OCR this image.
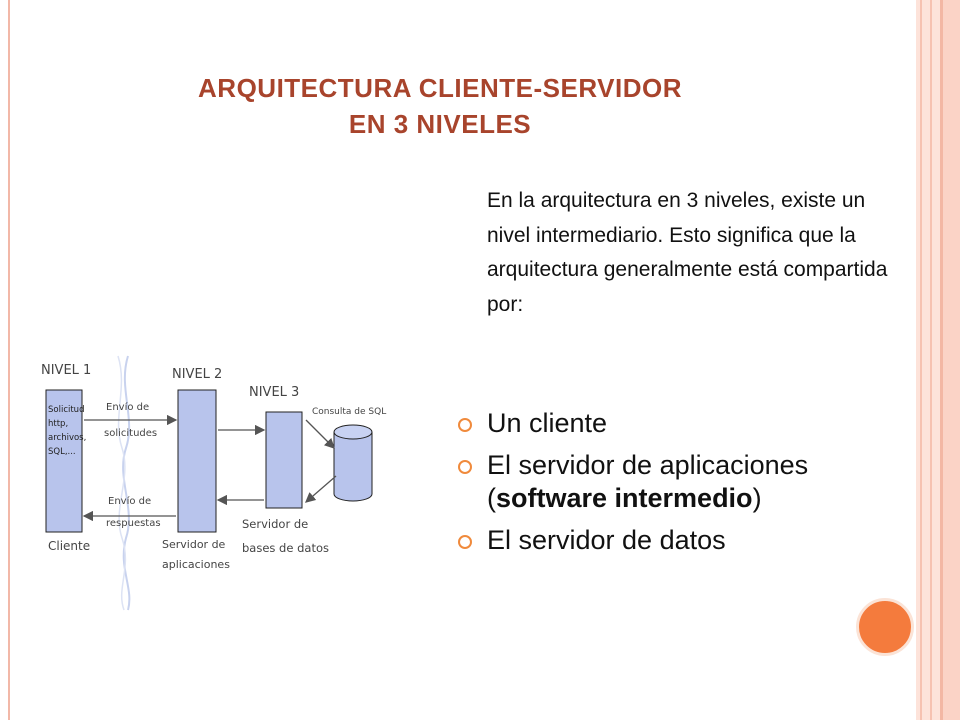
ARQUITECTURA CLIENTE-SERVIDOR
EN 3 NIVELES

En la arquitectura en 3 niveles, existe un nivel intermediario. Esto significa que la arquitectura generalmente está compartida por:

Un cliente
El servidor de aplicaciones (software intermedio)
El servidor de datos
NIVEL 1	NIVEL 2
NIVEL 3
Solicitud http, archivos, SQL,...
Envío de
solicitudes
Envío de respuestas
Consulta de SQL
Cliente	Servidor de aplicaciones
Servidor de bases de datos
